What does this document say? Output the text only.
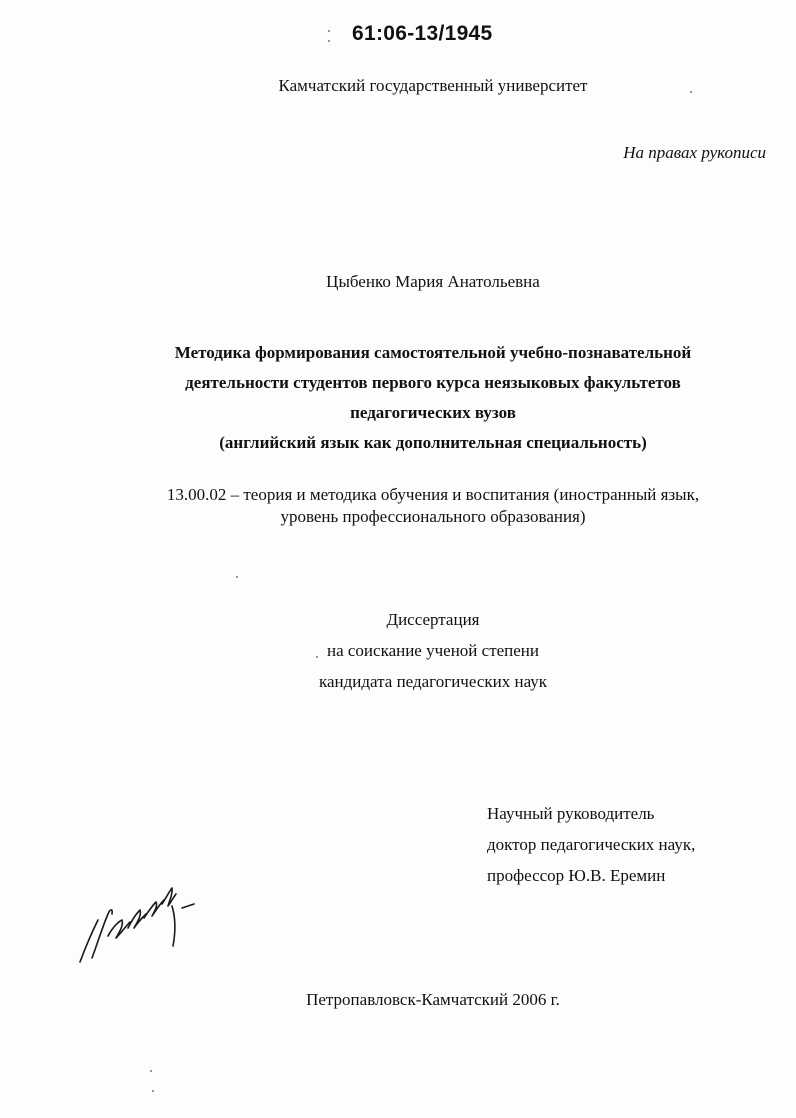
61:06-13/1945
Камчатский государственный университет
На правах рукописи
Цыбенко Мария Анатольевна
Методика формирования самостоятельной учебно-познавательной
деятельности студентов первого курса неязыковых факультетов
педагогических вузов
(английский язык как дополнительная специальность)
13.00.02 – теория и методика обучения и воспитания (иностранный язык,
уровень профессионального образования)
Диссертация
на соискание ученой степени
кандидата педагогических наук
Научный руководитель
доктор педагогических наук,
профессор Ю.В. Еремин
Петропавловск-Камчатский 2006 г.
